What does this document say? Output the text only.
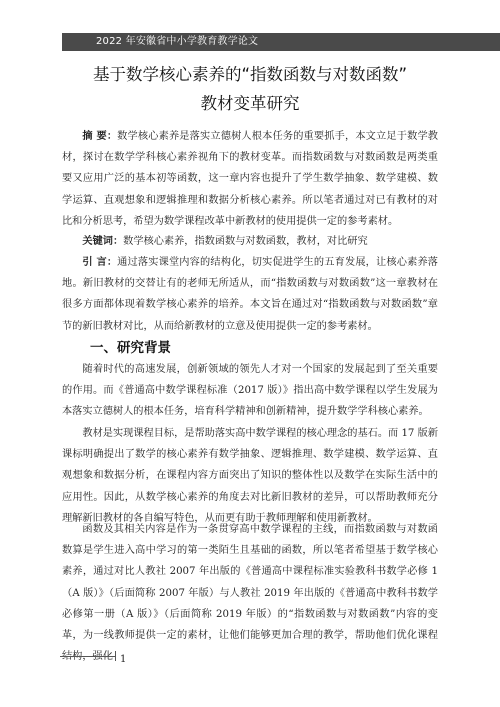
2022 年安徽省中小学教育教学论文
基于数学核心素养的“指数函数与对数函数”
教材变革研究

摘 要：数学核心素养是落实立德树人根本任务的重要抓手，本文立足于数学教材，探讨在数学学科核心素养视角下的教材变革。而指数函数与对数函数是两类重要又应用广泛的基本初等函数，这一章内容也提升了学生数学抽象、数学建模、数学运算、直观想象和逻辑推理和数据分析核心素养。所以笔者通过对已有教材的对比和分析思考，希望为数学课程改革中新教材的使用提供一定的参考素材。

关键词：数学核心素养，指数函数与对数函数，教材，对比研究

引 言：通过落实课堂内容的结构化，切实促进学生的五育发展，让核心素养落地。新旧教材的交替让有的老师无所适从，而“指数函数与对数函数”这一章教材在很多方面都体现着数学核心素养的培养。本文旨在通过对“指数函数与对数函数”章节的新旧教材对比，从而给新教材的立意及使用提供一定的参考素材。

一、研究背景

随着时代的高速发展，创新领域的领先人才对一个国家的发展起到了至关重要的作用。而《普通高中数学课程标准（2017 版）》指出高中数学课程以学生发展为本落实立德树人的根本任务，培育科学精神和创新精神，提升数学学科核心素养。

教材是实现课程目标，是帮助落实高中数学课程的核心理念的基石。而 17 版新课标明确提出了数学的核心素养有数学抽象、逻辑推理、数学建模、数学运算、直观想象和数据分析，在课程内容方面突出了知识的整体性以及数学在实际生活中的应用性。因此，从数学核心素养的角度去对比新旧教材的差异，可以帮助教师充分理解新旧教材的各自编写特色，从而更有助于教师理解和使用新教材。

函数及其相关内容是作为一条贯穿高中数学课程的主线，而指数函数与对数函数算是学生进入高中学习的第一类陌生且基础的函数，所以笔者希望基于数学核心素养，通过对比人教社 2007 年出版的《普通高中课程标准实验教科书数学必修 1（A 版）》（后面简称 2007 年版）与人教社 2019 年出版的《普通高中教科书数学必修第一册（A 版）》（后面简称 2019 年版）的“指数函数与对数函数”内容的变革，为一线教师提供一定的素材，让他们能够更加合理的教学，帮助他们优化课程

1
